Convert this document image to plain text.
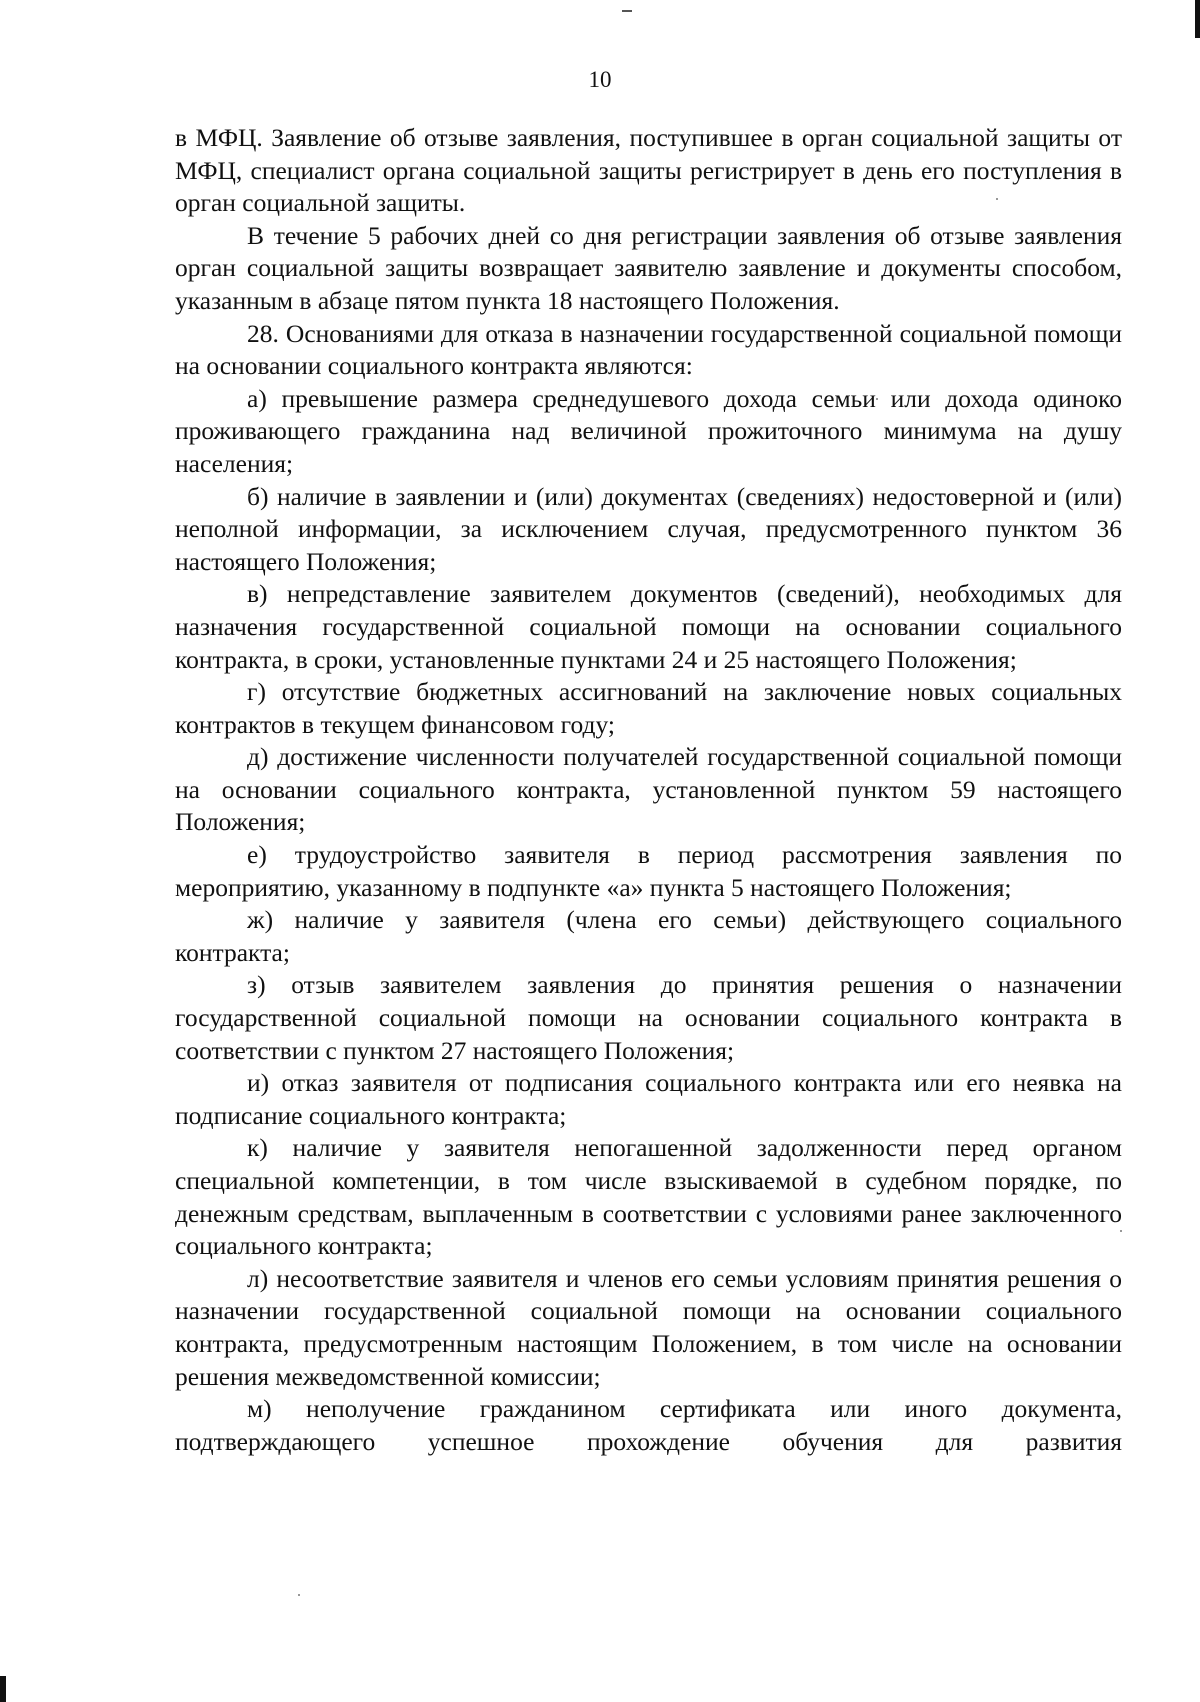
10

в МФЦ. Заявление об отзыве заявления, поступившее в орган социальной защиты от МФЦ, специалист органа социальной защиты регистрирует в день его поступления в орган социальной защиты.

В течение 5 рабочих дней со дня регистрации заявления об отзыве заявления орган социальной защиты возвращает заявителю заявление и документы способом, указанным в абзаце пятом пункта 18 настоящего Положения.

28. Основаниями для отказа в назначении государственной социальной помощи на основании социального контракта являются:

а) превышение размера среднедушевого дохода семьи или дохода одиноко проживающего гражданина над величиной прожиточного минимума на душу населения;

б) наличие в заявлении и (или) документах (сведениях) недостоверной и (или) неполной информации, за исключением случая, предусмотренного пунктом 36 настоящего Положения;

в) непредставление заявителем документов (сведений), необходимых для назначения государственной социальной помощи на основании социального контракта, в сроки, установленные пунктами 24 и 25 настоящего Положения;

г) отсутствие бюджетных ассигнований на заключение новых социальных контрактов в текущем финансовом году;

д) достижение численности получателей государственной социальной помощи на основании социального контракта, установленной пунктом 59 настоящего Положения;

е) трудоустройство заявителя в период рассмотрения заявления по мероприятию, указанному в подпункте «а» пункта 5 настоящего Положения;

ж) наличие у заявителя (члена его семьи) действующего социального контракта;

з) отзыв заявителем заявления до принятия решения о назначении государственной социальной помощи на основании социального контракта в соответствии с пунктом 27 настоящего Положения;

и) отказ заявителя от подписания социального контракта или его неявка на подписание социального контракта;

к) наличие у заявителя непогашенной задолженности перед органом специальной компетенции, в том числе взыскиваемой в судебном порядке, по денежным средствам, выплаченным в соответствии с условиями ранее заключенного социального контракта;

л) несоответствие заявителя и членов его семьи условиям принятия решения о назначении государственной социальной помощи на основании социального контракта, предусмотренным настоящим Положением, в том числе на основании решения межведомственной комиссии;

м) неполучение гражданином сертификата или иного документа, подтверждающего успешное прохождение обучения для развития
